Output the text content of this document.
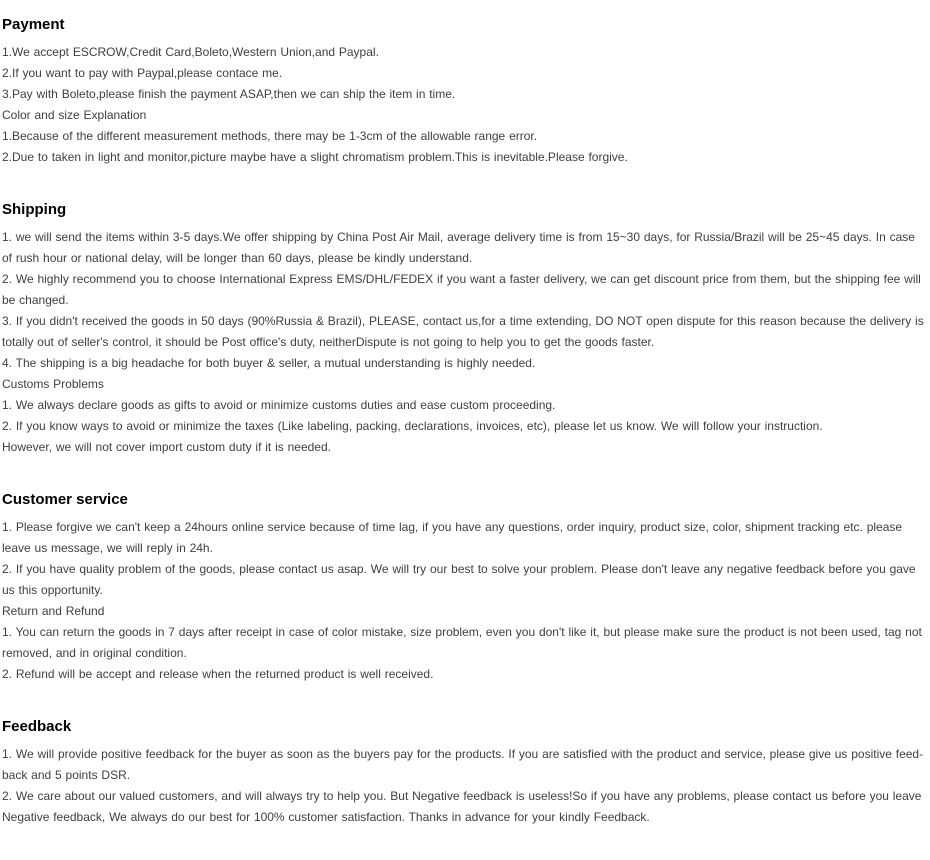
Payment

1.We accept ESCROW,Credit Card,Boleto,Western Union,and Paypal.

2.If you want to pay with Paypal,please contace me.

3.Pay with Boleto,please finish the payment ASAP,then we can ship the item in time.

Color and size Explanation

1.Because of the different measurement methods, there may be 1-3cm of the allowable range error.

2.Due to taken in light and monitor,picture maybe have a slight chromatism problem.This is inevitable.Please forgive.

Shipping

1. we will send the items within 3-5 days.We offer shipping by China Post Air Mail, average delivery time is from 15~30 days, for Russia/Brazil will be 25~45 days. In case of rush hour or national delay, will be longer than 60 days, please be kindly understand.

2. We highly recommend you to choose International Express EMS/DHL/FEDEX if you want a faster delivery, we can get discount price from them, but the shipping fee will be changed.

3. If you didn't received the goods in 50 days (90%Russia & Brazil), PLEASE, contact us,for a time extending, DO NOT open dispute for this reason because the delivery is totally out of seller's control, it should be Post office's duty, neitherDispute is not going to help you to get the goods faster.

4. The shipping is a big headache for both buyer & seller, a mutual understanding is highly needed.

Customs Problems

1. We always declare goods as gifts to avoid or minimize customs duties and ease custom proceeding.

2. If you know ways to avoid or minimize the taxes (Like labeling, packing, declarations, invoices, etc), please let us know. We will follow your instruction.

However, we will not cover import custom duty if it is needed.

Customer service

1. Please forgive we can't keep a 24hours online service because of time lag, if you have any questions, order inquiry, product size, color, shipment tracking etc. please leave us message, we will reply in 24h.

2. If you have quality problem of the goods, please contact us asap. We will try our best to solve your problem. Please don't leave any negative feedback before you gave us this opportunity.

Return and Refund

1. You can return the goods in 7 days after receipt in case of color mistake, size problem, even you don't like it, but please make sure the product is not been used, tag not removed, and in original condition.

2. Refund will be accept and release when the returned product is well received.

Feedback

1. We will provide positive feedback for the buyer as soon as the buyers pay for the products. If you are satisfied with the product and service, please give us positive feed-back and 5 points DSR.

2. We care about our valued customers, and will always try to help you. But Negative feedback is useless!So if you have any problems, please contact us before you leave Negative feedback, We always do our best for 100% customer satisfaction. Thanks in advance for your kindly Feedback.
